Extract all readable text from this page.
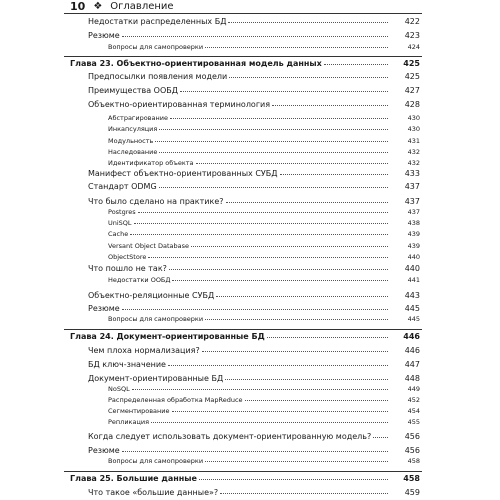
10 ❖ Оглавление
Недостатки распределенных БД	422
Резюме	423
Вопросы для самопроверки	424
Глава 23. Объектно-ориентированная модель данных	425
Предпосылки появления модели	425
Преимущества ООБД	427
Объектно-ориентированная терминология	428
Абстрагирование	430
Инкапсуляция	430
Модульность	431
Наследование	432
Идентификатор объекта	432
Манифест объектно-ориентированных СУБД	433
Стандарт ODMG	437
Что было сделано на практике?	437
Postgres	437
UniSQL	438
Cache	439
Versant Object Database	439
ObjectStore	440
Что пошло не так?	440
Недостатки ООБД	441
Объектно-реляционные СУБД	443
Резюме	445
Вопросы для самопроверки	445
Глава 24. Документ-ориентированные БД	446
Чем плоха нормализация?	446
БД ключ-значение	447
Документ-ориентированные БД	448
NoSQL	449
Распределенная обработка MapReduce	452
Сегментирование	454
Репликация	455
Когда следует использовать документ-ориентированную модель?	456
Резюме	456
Вопросы для самопроверки	458
Глава 25. Большие данные	458
Что такое «большие данные»?	459
